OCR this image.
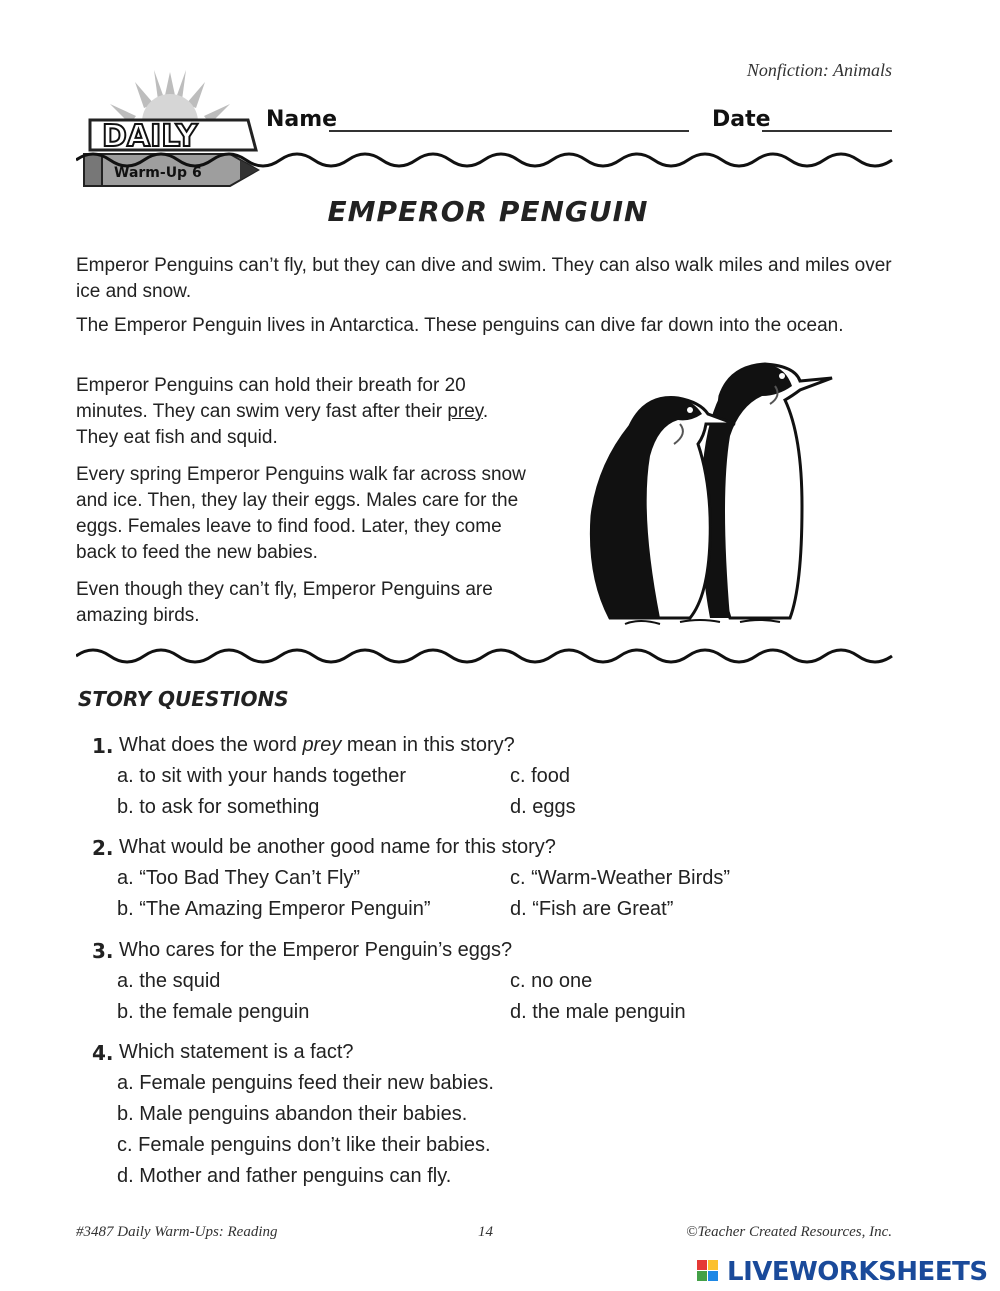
Nonfiction: Animals
DAILY
Warm-Up 6
Name	Date
EMPEROR PENGUIN

Emperor Penguins can’t fly, but they can dive and swim. They can also walk miles and miles over ice and snow.

The Emperor Penguin lives in Antarctica. These penguins can dive far down into the ocean.

Emperor Penguins can hold their breath for 20 minutes. They can swim very fast after their prey. They eat fish and squid.

Every spring Emperor Penguins walk far across snow and ice. Then, they lay their eggs. Males care for the eggs. Females leave to find food. Later, they come back to feed the new babies.

Even though they can’t fly, Emperor Penguins are amazing birds.

STORY QUESTIONS
1. What does the word prey mean in this story?
a. to sit with your hands together
b. to ask for something
c. food
d. eggs
2. What would be another good name for this story?
a. “Too Bad They Can’t Fly”
b. “The Amazing Emperor Penguin”
c. “Warm-Weather Birds”
d. “Fish are Great”
3. Who cares for the Emperor Penguin’s eggs?
a. the squid
b. the female penguin
c. no one
d. the male penguin
4. Which statement is a fact?
a. Female penguins feed their new babies.
b. Male penguins abandon their babies.
c. Female penguins don’t like their babies.
d. Mother and father penguins can fly.
#3487 Daily Warm-Ups: Reading	14	©Teacher Created Resources, Inc.
LIVEWORKSHEETS
